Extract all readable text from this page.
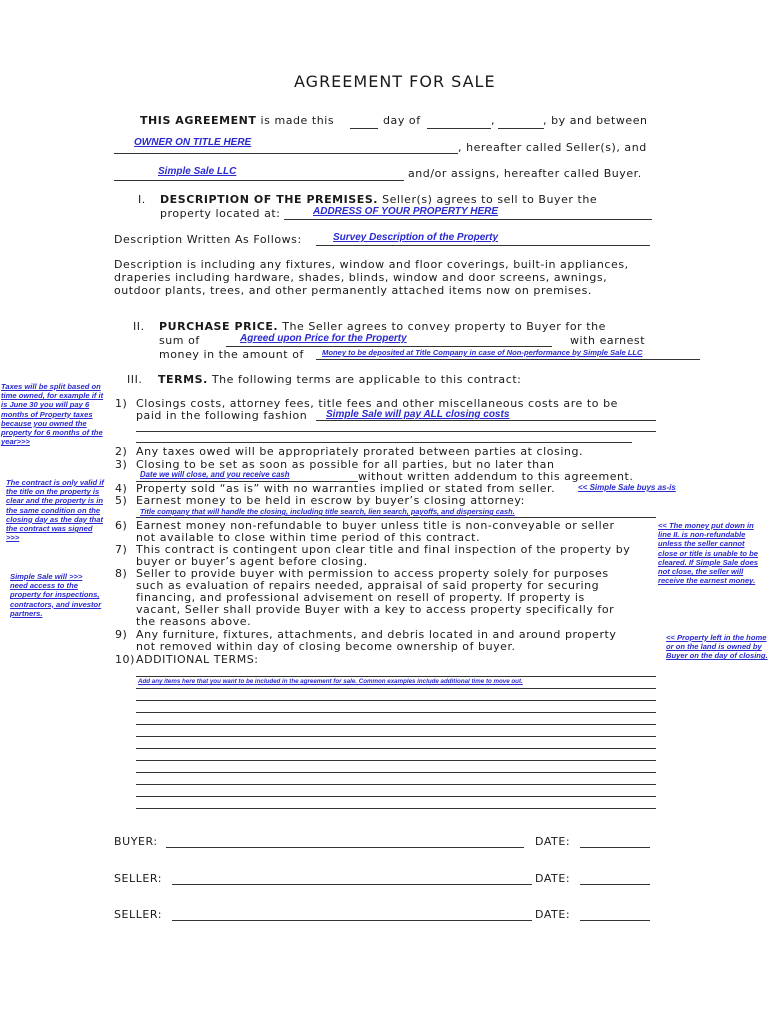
AGREEMENT FOR SALE
THIS AGREEMENT is made this	day of	,	, by and between
OWNER ON TITLE HERE	, hereafter called Seller(s), and
Simple Sale LLC	and/or assigns, hereafter called Buyer.
I. DESCRIPTION OF THE PREMISES. Seller(s) agrees to sell to Buyer the
property located at:	ADDRESS OF YOUR PROPERTY HERE
Description Written As Follows:	Survey Description of the Property
Description is including any fixtures, window and floor coverings, built-in appliances,
draperies including hardware, shades, blinds, window and door screens, awnings,
outdoor plants, trees, and other permanently attached items now on premises.
II. PURCHASE PRICE. The Seller agrees to convey property to Buyer for the
sum of	Agreed upon Price for the Property	with earnest
money in the amount of Money to be deposited at Title Company in case of Non-performance by Simple Sale LLC
III. TERMS. The following terms are applicable to this contract:
1) Closings costs, attorney fees, title fees and other miscellaneous costs are to be
paid in the following fashion Simple Sale will pay ALL closing costs
2) Any taxes owed will be appropriately prorated between parties at closing.
3) Closing to be set as soon as possible for all parties, but no later than
Date we will close, and you receive cash	without written addendum to this agreement.
4) Property sold “as is” with no warranties implied or stated from seller.	<< Simple Sale buys as-is
5) Earnest money to be held in escrow by buyer’s closing attorney:
Title company that will handle the closing, including title search, lien search, payoffs, and dispersing cash.
6) Earnest money non-refundable to buyer unless title is non-conveyable or seller
not available to close within time period of this contract.
7) This contract is contingent upon clear title and final inspection of the property by
buyer or buyer’s agent before closing.
8) Seller to provide buyer with permission to access property solely for purposes
such as evaluation of repairs needed, appraisal of said property for securing
financing, and professional advisement on resell of property. If property is
vacant, Seller shall provide Buyer with a key to access property specifically for
the reasons above.
9) Any furniture, fixtures, attachments, and debris located in and around property
not removed within day of closing become ownership of buyer.
10) ADDITIONAL TERMS:
Add any items here that you want to be included in the agreement for sale. Common examples include additional time to move out.
Taxes will be split based on time owned, for example if it is June 30 you will pay 6 months of Property taxes because you owned the property for 6 months of the year>>>
The contract is only valid if the title on the property is clear and the property is in the same condition on the closing day as the day that the contract was signed >>>
Simple Sale will >>> need access to the property for inspections, contractors, and investor partners.
<< The money put down in line II. is non-refundable unless the seller cannot close or title is unable to be cleared. If Simple Sale does not close, the seller will receive the earnest money.
<< Property left in the home or on the land is owned by Buyer on the day of closing.
BUYER:	DATE:
SELLER:	DATE:
SELLER:	DATE:
